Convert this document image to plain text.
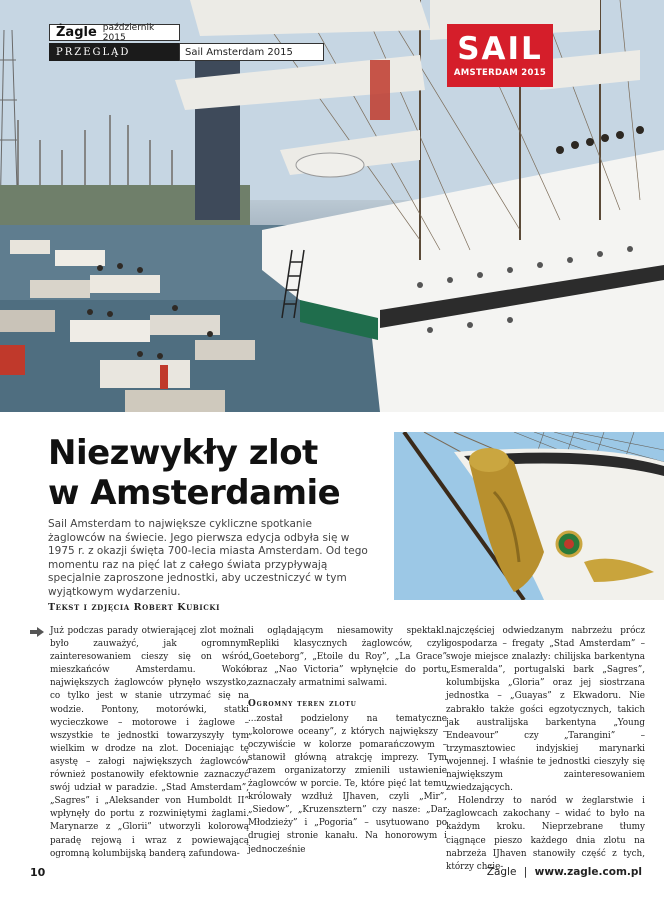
Żagle październik 2015
PRZEGLĄD	Sail Amsterdam 2015	SAIL
AMSTERDAM 2015
Niezwykły zlot
w Amsterdamie

Sail Amsterdam to największe cykliczne spotkanie żaglowców na świecie. Jego pierwsza edycja odbyła się w 1975 r. z okazji święta 700-lecia miasta Amsterdam. Od tego momentu raz na pięć lat z całego świata przypływają specjalnie zaproszone jednostki, aby uczestniczyć w tym wyjątkowym wydarzeniu.

Tekst i zdjęcia Robert Kubicki

Już podczas parady otwierającej zlot można było zauważyć, jak ogromnym zainteresowaniem cieszy się on wśród mieszkańców Amsterdamu. Wokół największych żaglowców płynęło wszystko, co tylko jest w stanie utrzymać się na wodzie. Pontony, motorówki, statki wycieczkowe – motorowe i żaglowe – wszystkie te jednostki towarzyszyły tym wielkim w drodze na zlot. Doceniając tę asystę – załogi największych żaglowców również postanowiły efektownie zaznaczyć swój udział w paradzie. „Stad Amsterdam”, „Sagres” i „Aleksander von Humboldt II” wpłynęły do portu z rozwiniętymi żaglami. Marynarze z „Glorii” utworzyli kolorową paradę rejową i wraz z powiewającą ogromną kolumbijską banderą zafundowa-

li oglądającym niesamowity spektakl. Repliki klasycznych żaglowców, czyli „Goeteborg”, „Etoile du Roy”, „La Grace” oraz „Nao Victoria” wpłynęłcie do portu zaznaczały armatnimi salwami.

Ogromny teren zlotu

...został podzielony na tematyczne „kolorowe oceany”, z których największy – oczywiście w kolorze pomarańczowym – stanowił główną atrakcję imprezy. Tym razem organizatorzy zmienili ustawienie żaglowców w porcie. Te, które pięć lat temu królowały wzdłuż IJhaven, czyli „Mir”, „Siedow”, „Kruzensztern” czy nasze: „Dar Młodzieży” i „Pogoria” – usytuowano po drugiej stronie kanału. Na honorowym i jednocześnie

najczęściej odwiedzanym nabrzeżu prócz gospodarza – fregaty „Stad Amsterdam” – swoje miejsce znalazły: chilijska barkentyna „Esmeralda”, portugalski bark „Sagres”, kolumbijska „Gloria” oraz jej siostrzana jednostka – „Guayas” z Ekwadoru. Nie zabrakło także gości egzotycznych, takich jak australijska barkentyna „Young Endeavour” czy „Tarangini” – trzymasztowiec indyjskiej marynarki wojennej. I właśnie te jednostki cieszyły się największym zainteresowaniem zwiedzających.

Holendrzy to naród w żeglarstwie i żaglowcach zakochany – widać to było na każdym kroku. Nieprzebrane tłumy ciągnące pieszo każdego dnia zlotu na nabrzeża IJhaven stanowiły część z tych, którzy chcie-

10	Żagle | www.zagle.com.pl
